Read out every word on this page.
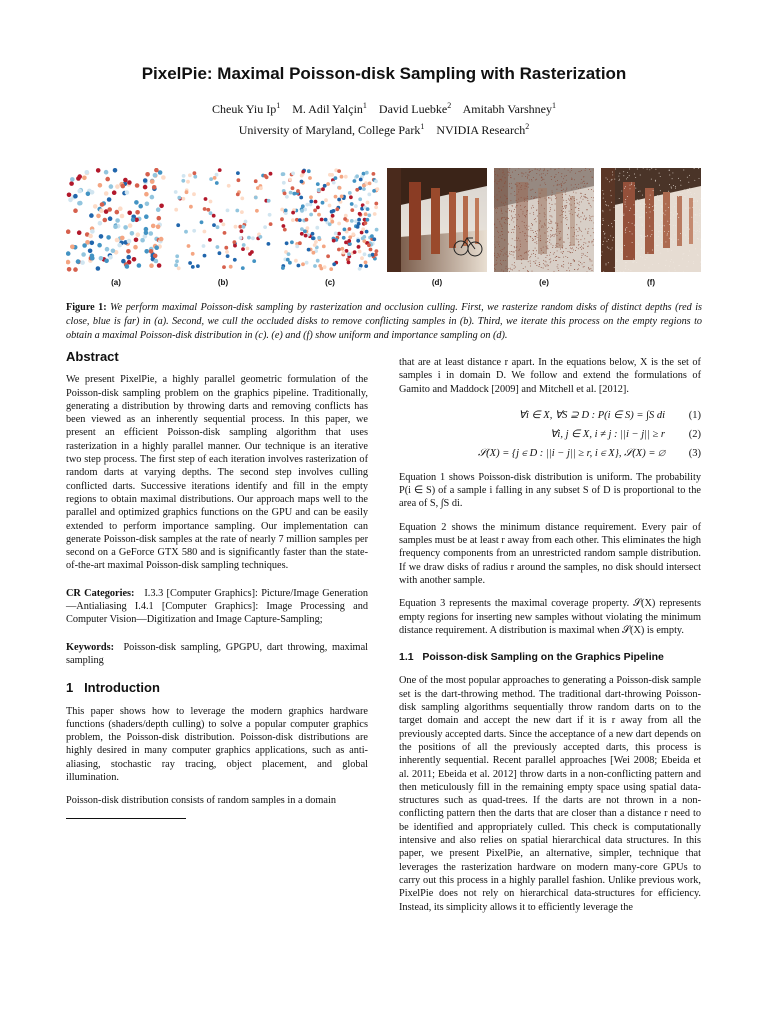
PixelPie: Maximal Poisson-disk Sampling with Rasterization
Cheuk Yiu Ip$^1$ M. Adil Yalçin$^1$ David Luebke$^2$ Amitabh Varshney$^1$
University of Maryland, College Park$^1$ NVIDIA Research$^2$
(a)	(b)	(c)	(d)	(e)	(f)
Figure 1: We perform maximal Poisson-disk sampling by rasterization and occlusion culling. First, we rasterize random disks of distinct depths (red is close, blue is far) in (a). Second, we cull the occluded disks to remove conflicting samples in (b). Third, we iterate this process on the empty regions to obtain a maximal Poisson-disk distribution in (c). (e) and (f) show uniform and importance sampling on (d).
Abstract

We present PixelPie, a highly parallel geometric formulation of the Poisson-disk sampling problem on the graphics pipeline. Traditionally, generating a distribution by throwing darts and removing conflicts has been viewed as an inherently sequential process. In this paper, we present an efficient Poisson-disk sampling algorithm that uses rasterization in a highly parallel manner. Our technique is an iterative two step process. The first step of each iteration involves rasterization of random darts at varying depths. The second step involves culling conflicted darts. Successive iterations identify and fill in the empty regions to obtain maximal distributions. Our approach maps well to the parallel and optimized graphics functions on the GPU and can be easily extended to perform importance sampling. Our implementation can generate Poisson-disk samples at the rate of nearly 7 million samples per second on a GeForce GTX 580 and is significantly faster than the state-of-the-art maximal Poisson-disk sampling techniques.

CR Categories: I.3.3 [Computer Graphics]: Picture/Image Generation—Antialiasing I.4.1 [Computer Graphics]: Image Processing and Computer Vision—Digitization and Image Capture-Sampling;

Keywords: Poisson-disk sampling, GPGPU, dart throwing, maximal sampling

1   Introduction

This paper shows how to leverage the modern graphics hardware functions (shaders/depth culling) to solve a popular computer graphics problem, the Poisson-disk distribution. Poisson-disk distributions are highly desired in many computer graphics applications, such as anti-aliasing, stochastic ray tracing, object placement, and global illumination.

Poisson-disk distribution consists of random samples in a domain

that are at least distance r apart. In the equations below, X is the set of samples i in domain D. We follow and extend the formulations of Gamito and Maddock [2009] and Mitchell et al. [2012].

∀i ∈ X, ∀S ⊇ D : P(i ∈ S) = ∫S di	(1)
∀i, j ∈ X, i ≠ j : ||i − j|| ≥ r	(2)
𝒮(X) = {j ∈ D : ||i − j|| ≥ r, i ∈ X}, 𝒮(X) = ∅	(3)

Equation 1 shows Poisson-disk distribution is uniform. The probability P(i ∈ S) of a sample i falling in any subset S of D is proportional to the area of S, ∫S di.

Equation 2 shows the minimum distance requirement. Every pair of samples must be at least r away from each other. This eliminates the high frequency components from an unrestricted random sample distribution. If we draw disks of radius r around the samples, no disk should intersect with another sample.

Equation 3 represents the maximal coverage property. 𝒮(X) represents empty regions for inserting new samples without violating the minimum distance requirement. A distribution is maximal when 𝒮(X) is empty.

1.1   Poisson-disk Sampling on the Graphics Pipeline

One of the most popular approaches to generating a Poisson-disk sample set is the dart-throwing method. The traditional dart-throwing Poisson-disk sampling algorithms sequentially throw random darts on to the target domain and accept the new dart if it is r away from all the previously accepted darts. Since the acceptance of a new dart depends on the positions of all the previously accepted darts, this process is inherently sequential. Recent parallel approaches [Wei 2008; Ebeida et al. 2011; Ebeida et al. 2012] throw darts in a non-conflicting pattern and then meticulously fill in the remaining empty space using spatial data-structures such as quad-trees. If the darts are not thrown in a non-conflicting pattern then the darts that are closer than a distance r need to be identified and appropriately culled. This check is computationally intensive and also relies on spatial hierarchical data structures. In this paper, we present PixelPie, an alternative, simpler, technique that leverages the rasterization hardware on modern many-core GPUs to carry out this process in a highly parallel fashion. Unlike previous work, PixelPie does not rely on hierarchical data-structures for efficiency. Instead, its simplicity allows it to efficiently leverage the
